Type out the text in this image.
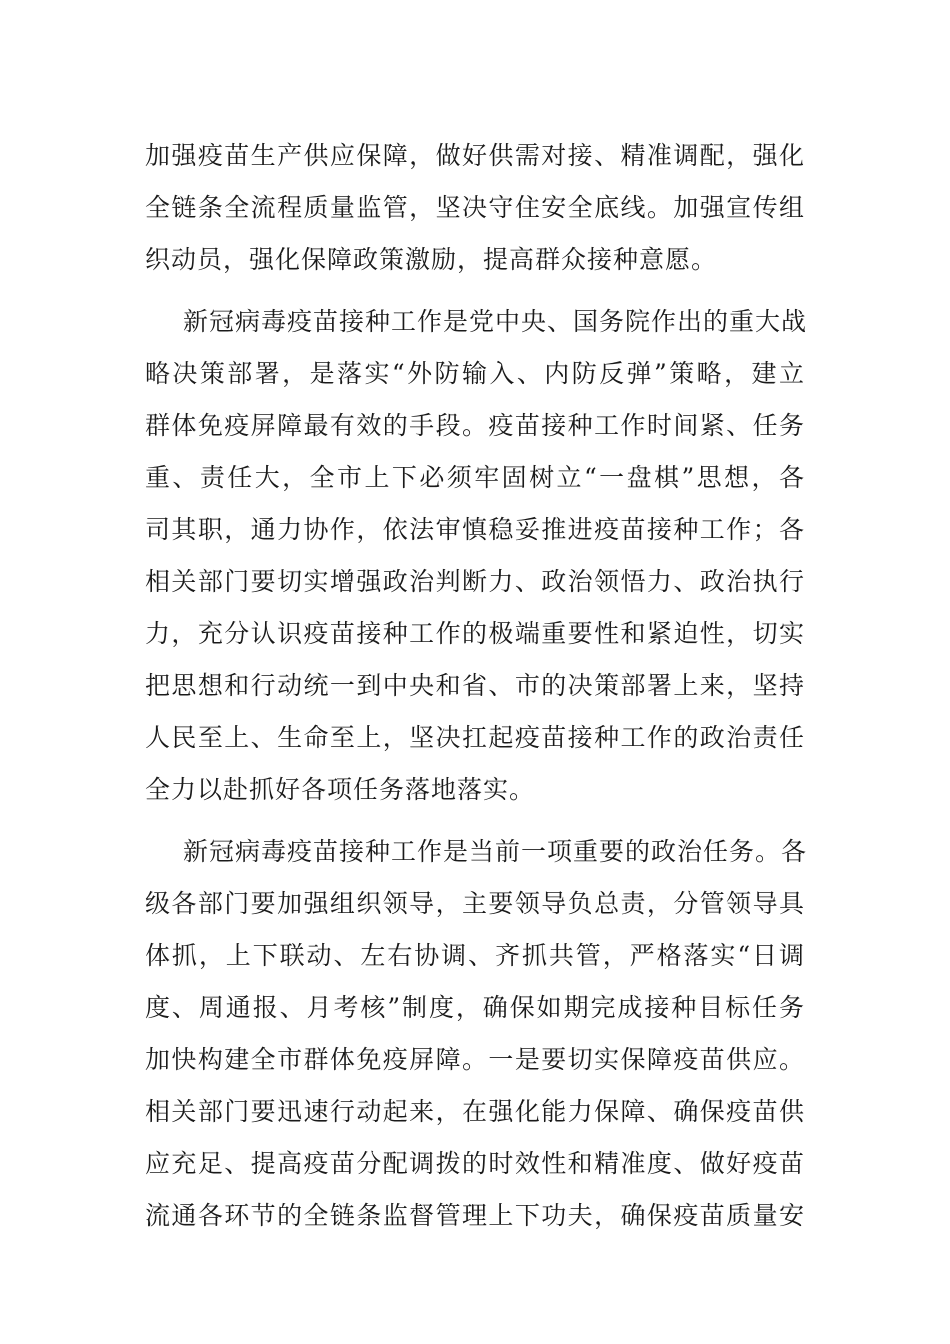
加强疫苗生产供应保障，做好供需对接、精准调配，强化
全链条全流程质量监管，坚决守住安全底线。加强宣传组
织动员，强化保障政策激励，提高群众接种意愿。
新冠病毒疫苗接种工作是党中央、国务院作出的重大战
略决策部署，是落实“外防输入、内防反弹”策略，建立
群体免疫屏障最有效的手段。疫苗接种工作时间紧、任务
重、责任大，全市上下必须牢固树立“一盘棋”思想，各
司其职，通力协作，依法审慎稳妥推进疫苗接种工作；各
相关部门要切实增强政治判断力、政治领悟力、政治执行
力，充分认识疫苗接种工作的极端重要性和紧迫性，切实
把思想和行动统一到中央和省、市的决策部署上来，坚持
人民至上、生命至上，坚决扛起疫苗接种工作的政治责任
全力以赴抓好各项任务落地落实。
新冠病毒疫苗接种工作是当前一项重要的政治任务。各
级各部门要加强组织领导，主要领导负总责，分管领导具
体抓，上下联动、左右协调、齐抓共管，严格落实“日调
度、周通报、月考核”制度，确保如期完成接种目标任务
加快构建全市群体免疫屏障。一是要切实保障疫苗供应。
相关部门要迅速行动起来，在强化能力保障、确保疫苗供
应充足、提高疫苗分配调拨的时效性和精准度、做好疫苗
流通各环节的全链条监督管理上下功夫，确保疫苗质量安
